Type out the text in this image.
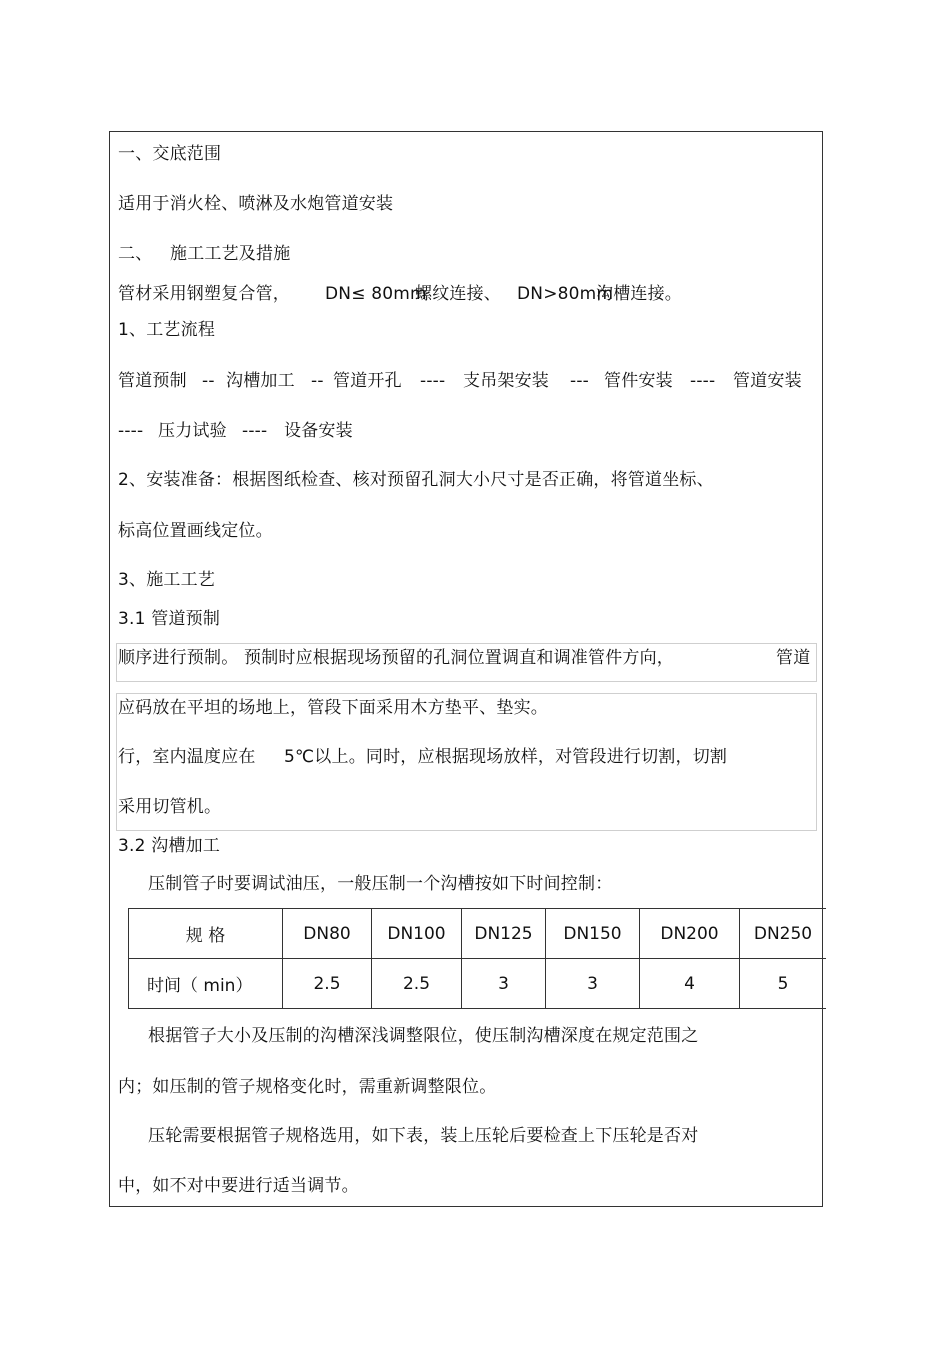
一、交底范围
适用于消火栓、喷淋及水炮管道安装
二、 施工工艺及措施
管材采用钢塑复合管， DN≤ 80mm
螺纹连接、 DN>80mm
沟槽连接。
1、工艺流程
管道预制 -- 沟槽加工 -- 管道开孔 ---- 支吊架安装 --- 管件安装 ---- 管道安装
---- 压力试验 ---- 设备安装
2、安装准备：根据图纸检查、核对预留孔洞大小尺寸是否正确，将管道坐标、
标高位置画线定位。
3、施工工艺
3.1 管道预制
顺序进行预制。 预制时应根据现场预留的孔洞位置调直和调准管件方向，	管道
应码放在平坦的场地上，管段下面采用木方垫平、垫实。
行，室内温度应在 5℃以上。同时，应根据现场放样，对管段进行切割，切割
采用切管机。
3.2 沟槽加工
压制管子时要调试油压，一般压制一个沟槽按如下时间控制：
规 格	DN80	DN100	DN125	DN150	DN200	DN250
时间（ min）	2.5	2.5	3	3	4	5
根据管子大小及压制的沟槽深浅调整限位，使压制沟槽深度在规定范围之
内；如压制的管子规格变化时，需重新调整限位。
压轮需要根据管子规格选用，如下表，装上压轮后要检查上下压轮是否对
中，如不对中要进行适当调节。
